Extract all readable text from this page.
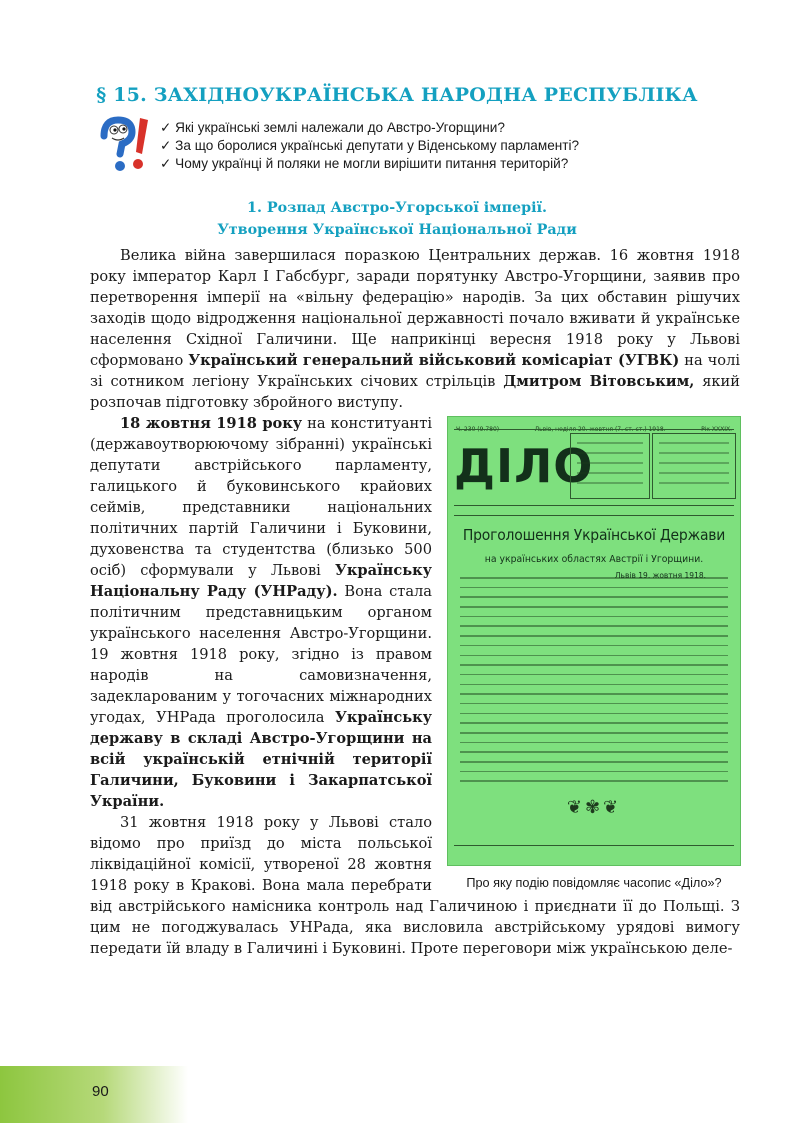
§ 15. ЗАХІДНОУКРАЇНСЬКА НАРОДНА РЕСПУБЛІКА
✓ Які українські землі належали до Австро-Угорщини?
✓ За що боролися українські депутати у Віденському парламенті?
✓ Чому українці й поляки не могли вирішити питання територій?
1. Розпад Австро-Угорської імперії.
Утворення Української Національної Ради

Велика війна завершилася поразкою Центральних держав. 16 жовтня 1918 року імператор Карл I Габсбург, заради порятунку Австро-Угорщини, заявив про перетворення імперії на «вільну федерацію» народів. За цих обставин рішучих заходів щодо відродження національної державності почало вживати й українське населення Східної Галичини. Ще наприкінці вересня 1918 року у Львові сформовано Український генеральний військовий комісаріат (УГВК) на чолі зі сотником легіону Українських січових стрільців Дмитром Вітовським, який розпочав підготовку збройного виступу.

Ч. 230 (9.780)	Львів, неділя 20. жовтня (7. ст. ст.) 1918.	Рік XXXIX.
ДІЛО
Проголошення Української Держави
на українських областях Австрії і Угорщини.
Львів 19. жовтня 1918.
❦✾❦
Про яку подію повідомляє часопис «Діло»?

18 жовтня 1918 року на конституанті (державоутворюючому зібранні) українські депутати австрійського парламенту, галицького й буковинського крайових сеймів, представники національних політичних партій Галичини і Буковини, духовенства та студентства (близько 500 осіб) сформували у Львові Українську Національну Раду (УНРаду). Вона стала політичним представницьким органом українського населення Австро-Угорщини. 19 жовтня 1918 року, згідно із правом народів на самовизначення, задекларованим у тогочасних міжнародних угодах, УНРада проголосила Українську державу в складі Австро-Угорщини на всій українській етнічній території Галичини, Буковини і Закарпатської України.

31 жовтня 1918 року у Львові стало відомо про приїзд до міста польської ліквідаційної комісії, утвореної 28 жовтня 1918 року в Кракові. Вона мала перебрати від австрійського намісника контроль над Галичиною і приєднати її до Польщі. З цим не погоджувалась УНРада, яка висловила австрійському урядові вимогу передати їй владу в Галичині і Буковині. Проте переговори між українською деле-

90
